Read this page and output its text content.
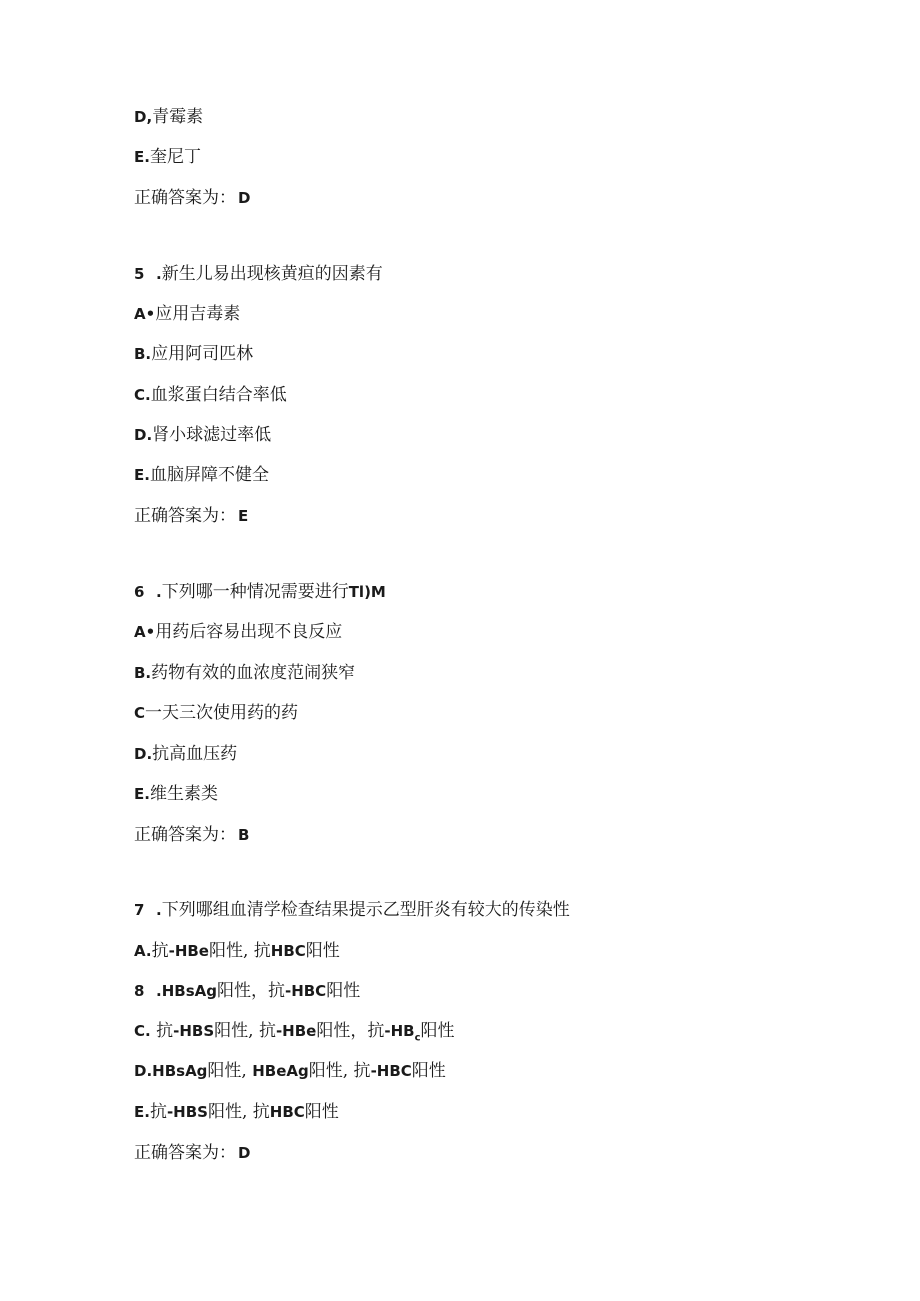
D,青霉素
E.奎尼丁
正确答案为： D
5 .新生儿易出现核黄疸的因素有
A•应用吉毒素
B.应用阿司匹林
C.血浆蛋白结合率低
D.肾小球滤过率低
E.血脑屏障不健全
正确答案为： E
6 .下列哪一种情况需要进行Tl)M
A•用药后容易出现不良反应
B.药物有效的血浓度范闹狭窄
C一天三次使用药的药
D.抗高血压药
E.维生素类
正确答案为： B
7 .下列哪组血清学检查结果提示乙型肝炎有较大的传染性
A.抗-HBe阳性, 抗HBC阳性
8 .HBsAg阳性，抗-HBC阳性
C. 抗-HBS阳性, 抗-HBe阳性，抗$-HB_c$阳性
D.HBsAg阳性, HBeAg阳性, 抗-HBC阳性
E.抗-HBS阳性, 抗HBC阳性
正确答案为： D
